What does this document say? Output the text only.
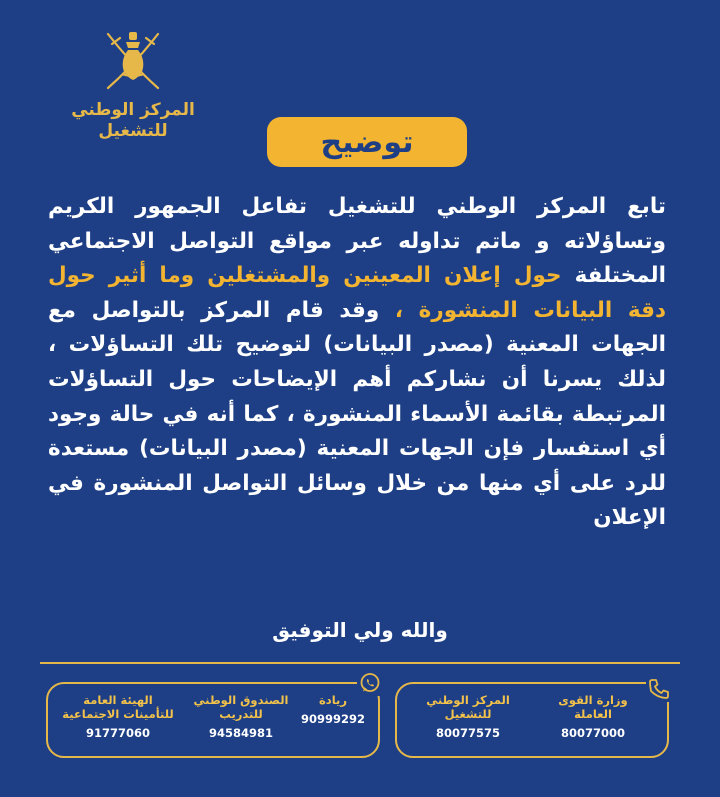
المركز الوطني
للتشغيل	توضيح
تابع المركز الوطني للتشغيل تفاعل الجمهور الكريم وتساؤلاته و ماتم تداوله عبر مواقع التواصل الاجتماعي المختلفة حول إعلان المعينين والمشتغلين وما أثير حول دقة البيانات المنشورة ، وقد قام المركز بالتواصل مع الجهات المعنية (مصدر البيانات) لتوضيح تلك التساؤلات ، لذلك يسرنا أن نشاركم أهم الإيضاحات حول التساؤلات المرتبطة بقائمة الأسماء المنشورة ، كما أنه في حالة وجود أي استفسار فإن الجهات المعنية (مصدر البيانات) مستعدة للرد على أي منها من خلال وسائل التواصل المنشورة في الإعلان
والله ولي التوفيق
ريادة
90999292
الصندوق الوطني للتدريب
94584981
الهيئة العامة للتأمينات الاجتماعية
91777060
وزارة القوى العاملة
80077000
المركز الوطني للتشغيل
80077575
